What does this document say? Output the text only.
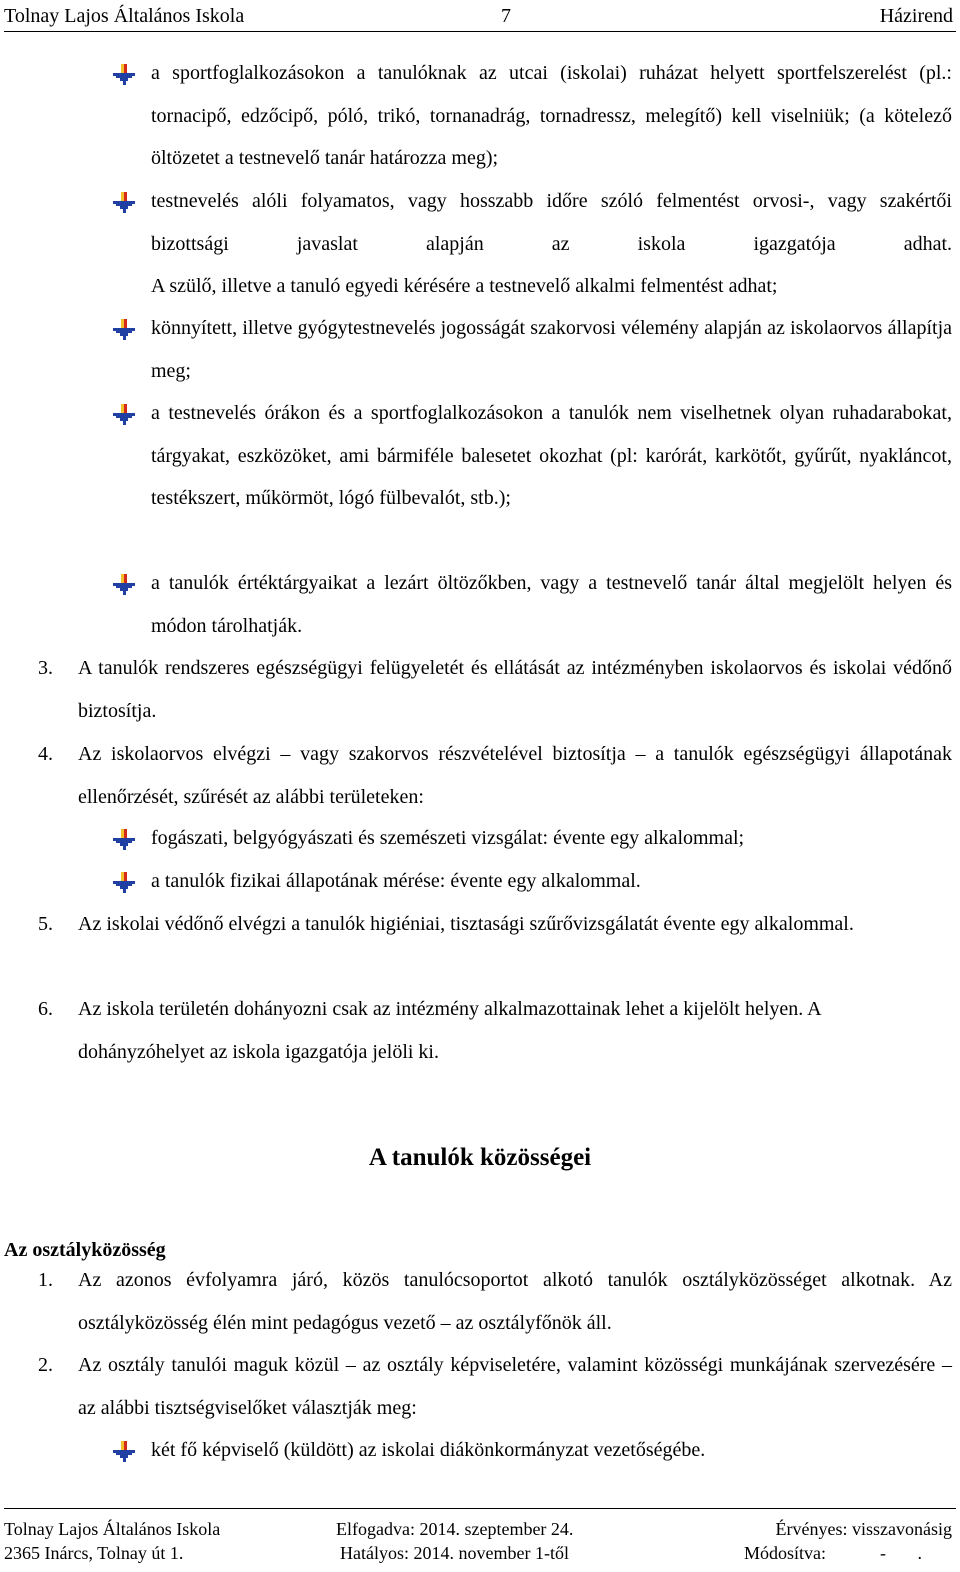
Tolnay Lajos Általános Iskola	7	Házirend
a sportfoglalkozásokon a tanulóknak az utcai (iskolai) ruházat helyett sportfelszerelést (pl.: tornacipő, edzőcipő, póló, trikó, tornanadrág, tornadressz, melegítő) kell viselniük; (a kötelező öltözetet a testnevelő tanár határozza meg);
testnevelés alóli folyamatos, vagy hosszabb időre szóló felmentést orvosi-, vagy szakértői bizottsági javaslat alapján az iskola igazgatója adhat.
A szülő, illetve a tanuló egyedi kérésére a testnevelő alkalmi felmentést adhat;
könnyített, illetve gyógytestnevelés jogosságát szakorvosi vélemény alapján az iskolaorvos állapítja meg;
a testnevelés órákon és a sportfoglalkozásokon a tanulók nem viselhetnek olyan ruhadarabokat, tárgyakat, eszközöket, ami bármiféle balesetet okozhat (pl: karórát, karkötőt, gyűrűt, nyakláncot, testékszert, műkörmöt, lógó fülbevalót, stb.);
a tanulók értéktárgyaikat a lezárt öltözőkben, vagy a testnevelő tanár által megjelölt helyen és módon tárolhatják.
3. A tanulók rendszeres egészségügyi felügyeletét és ellátását az intézményben iskolaorvos és iskolai védőnő biztosítja.
4. Az iskolaorvos elvégzi – vagy szakorvos részvételével biztosítja – a tanulók egészségügyi állapotának ellenőrzését, szűrését az alábbi területeken:
fogászati, belgyógyászati és szemészeti vizsgálat: évente egy alkalommal;
a tanulók fizikai állapotának mérése: évente egy alkalommal.
5. Az iskolai védőnő elvégzi a tanulók higiéniai, tisztasági szűrővizsgálatát évente egy alkalommal.
6. Az iskola területén dohányozni csak az intézmény alkalmazottainak lehet a kijelölt helyen. A dohányzóhelyet az iskola igazgatója jelöli ki.
A tanulók közösségei
Az osztályközösség
1. Az azonos évfolyamra járó, közös tanulócsoportot alkotó tanulók osztályközösséget alkotnak. Az osztályközösség élén mint pedagógus vezető – az osztályfőnök áll.
2. Az osztály tanulói maguk közül – az osztály képviseletére, valamint közösségi munkájának szervezésére – az alábbi tisztségviselőket választják meg:
két fő képviselő (küldött) az iskolai diákönkormányzat vezetőségébe.
Tolnay Lajos Általános Iskola
2365 Inárcs, Tolnay út 1.
Elfogadva: 2014. szeptember 24.
Hatályos: 2014. november 1-től
Érvényes: visszavonásig
Módosítva:	-       .
